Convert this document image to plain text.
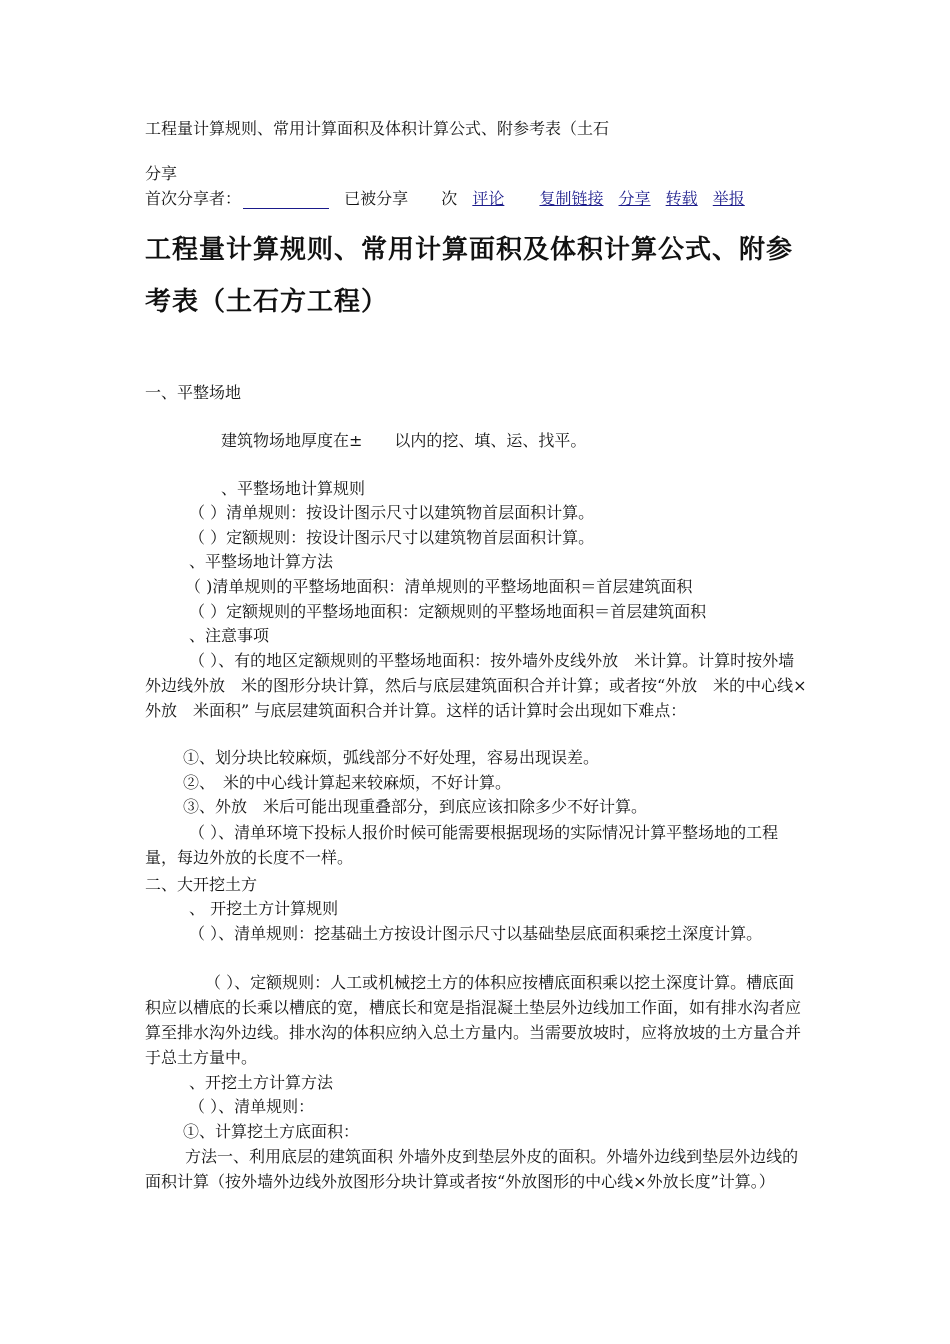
工程量计算规则、常用计算面积及体积计算公式、附参考表（土石
分享
首次分享者：	已被分享 次 评论 复制链接 分享 转载 举报
工程量计算规则、常用计算面积及体积计算公式、附参考表（土石方工程）
一、平整场地
建筑物场地厚度在±　　以内的挖、填、运、找平。
、平整场地计算规则
（ ）清单规则：按设计图示尺寸以建筑物首层面积计算。
（ ）定额规则：按设计图示尺寸以建筑物首层面积计算。
、平整场地计算方法
（ )清单规则的平整场地面积：清单规则的平整场地面积＝首层建筑面积
（ ）定额规则的平整场地面积：定额规则的平整场地面积＝首层建筑面积
、注意事项
（ ）、有的地区定额规则的平整场地面积：按外墙外皮线外放　米计算。计算时按外墙外边线外放　米的图形分块计算，然后与底层建筑面积合并计算；或者按“外放　米的中心线×　外放　米面积” 与底层建筑面积合并计算。这样的话计算时会出现如下难点：
①、划分块比较麻烦，弧线部分不好处理，容易出现误差。
②、　米的中心线计算起来较麻烦，不好计算。
③、外放　米后可能出现重叠部分，到底应该扣除多少不好计算。
（ ）、清单环境下投标人报价时候可能需要根据现场的实际情况计算平整场地的工程量，每边外放的长度不一样。
二、大开挖土方
、 开挖土方计算规则
（ ）、清单规则：挖基础土方按设计图示尺寸以基础垫层底面积乘挖土深度计算。
（ ）、定额规则：人工或机械挖土方的体积应按槽底面积乘以挖土深度计算。槽底面积应以槽底的长乘以槽底的宽，槽底长和宽是指混凝土垫层外边线加工作面，如有排水沟者应算至排水沟外边线。排水沟的体积应纳入总土方量内。当需要放坡时，应将放坡的土方量合并于总土方量中。
、开挖土方计算方法
（ ）、清单规则：
①、计算挖土方底面积：
方法一、利用底层的建筑面积 外墙外皮到垫层外皮的面积。外墙外边线到垫层外边线的面积计算（按外墙外边线外放图形分块计算或者按“外放图形的中心线×外放长度”计算。）
